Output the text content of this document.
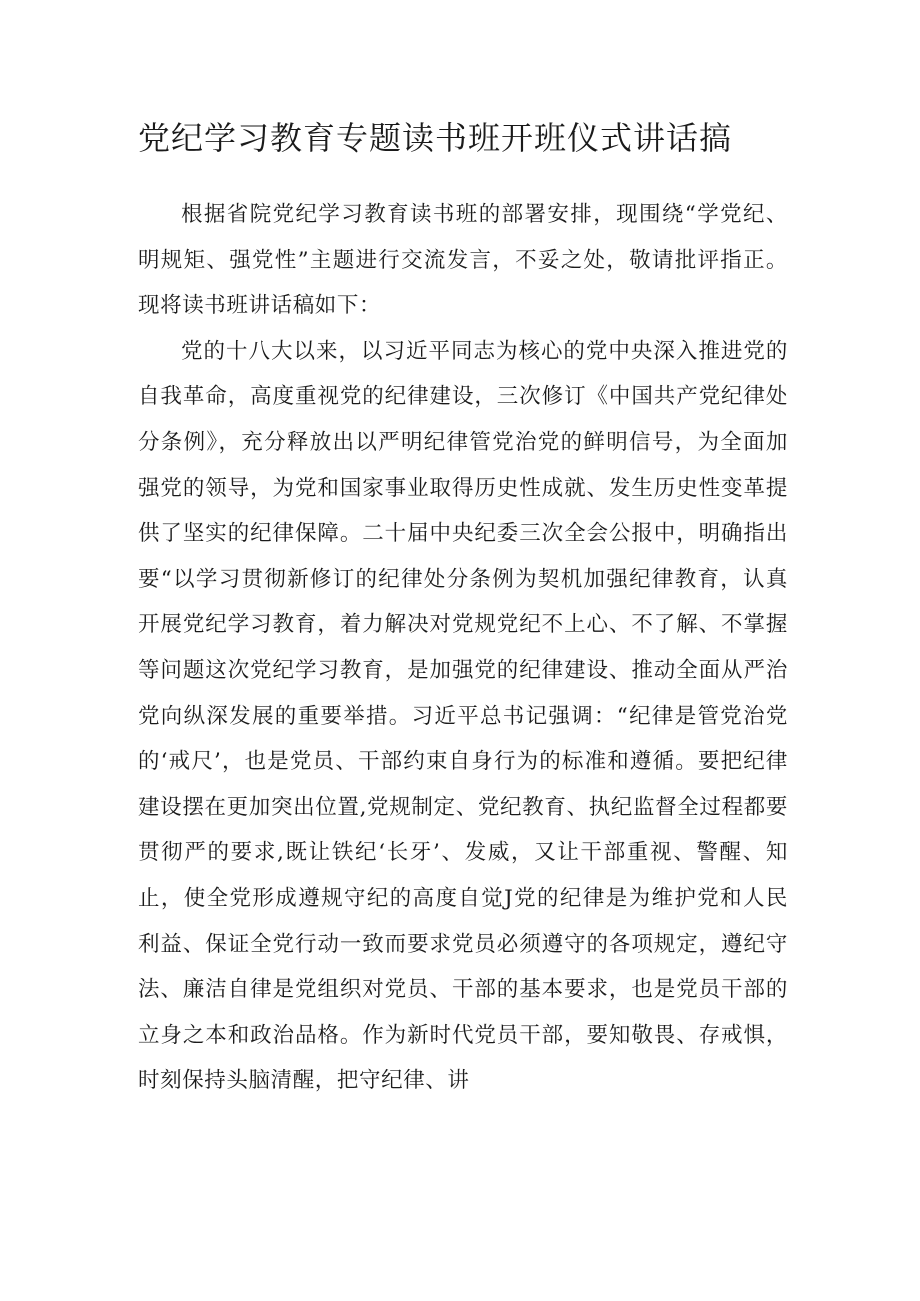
党纪学习教育专题读书班开班仪式讲话搞

根据省院党纪学习教育读书班的部署安排，现围绕“学党纪、明规矩、强党性”主题进行交流发言，不妥之处，敬请批评指正。现将读书班讲话稿如下：

党的十八大以来，以习近平同志为核心的党中央深入推进党的自我革命，高度重视党的纪律建设，三次修订《中国共产党纪律处分条例》，充分释放出以严明纪律管党治党的鲜明信号，为全面加强党的领导，为党和国家事业取得历史性成就、发生历史性变革提供了坚实的纪律保障。二十届中央纪委三次全会公报中，明确指出要“以学习贯彻新修订的纪律处分条例为契机加强纪律教育，认真开展党纪学习教育，着力解决对党规党纪不上心、不了解、不掌握等问题这次党纪学习教育，是加强党的纪律建设、推动全面从严治党向纵深发展的重要举措。习近平总书记强调：“纪律是管党治党的‘戒尺’，也是党员、干部约束自身行为的标准和遵循。要把纪律建设摆在更加突出位置,党规制定、党纪教育、执纪监督全过程都要贯彻严的要求,既让铁纪‘长牙’、发威，又让干部重视、警醒、知止，使全党形成遵规守纪的高度自觉J党的纪律是为维护党和人民利益、保证全党行动一致而要求党员必须遵守的各项规定，遵纪守法、廉洁自律是党组织对党员、干部的基本要求，也是党员干部的立身之本和政治品格。作为新时代党员干部，要知敬畏、存戒惧，时刻保持头脑清醒，把守纪律、讲
